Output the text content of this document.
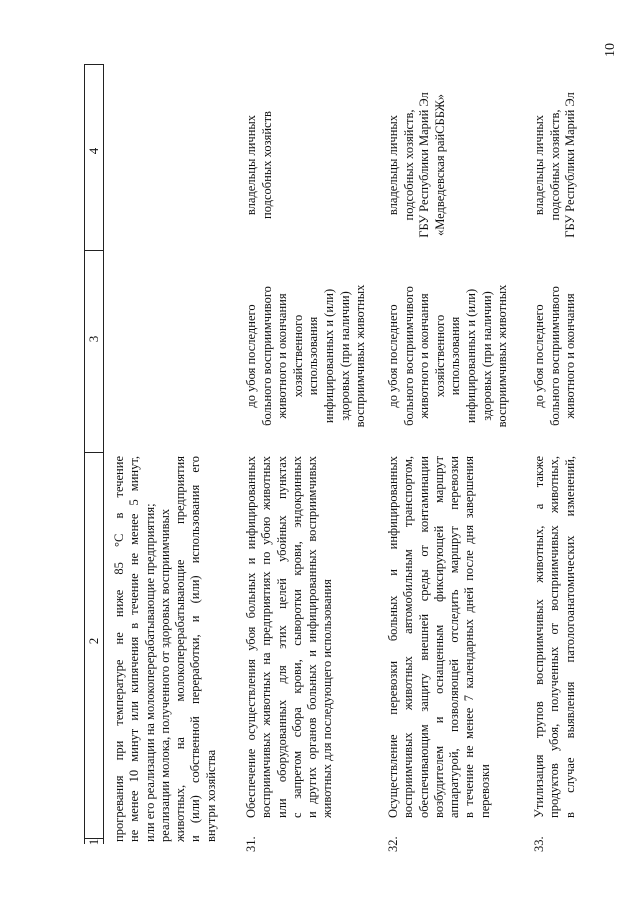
10
1
2
3
4
прогревания при температуре не ниже 85 °С в течение не менее 10 минут или кипячения в течение не менее 5 минут, или его реализации на молокоперерабатывающие предприятия; реализации молока, полученного от здоровых восприимчивых животных, на молокоперерабатывающие предприятия и (или) собственной переработки, и (или) использования его внутри хозяйства
31.
Обеспечение осуществления убоя больных и инфицированных восприимчивых животных на предприятиях по убою животных или оборудованных для этих целей убойных пунктах с запретом сбора крови, сыворотки крови, эндокринных и других органов больных и инфицированных восприимчивых животных для последующего использования
до убоя последнего больного восприимчивого животного и окончания хозяйственного использования инфицированных и (или) здоровых (при наличии) восприимчивых животных
владельцы личных подсобных хозяйств
32.
Осуществление перевозки больных и инфицированных восприимчивых животных автомобильным транспортом, обеспечивающим защиту внешней среды от контаминации возбудителем и оснащенным фиксирующей маршрут аппаратурой, позволяющей отследить маршрут перевозки в течение не менее 7 календарных дней после дня завершения перевозки
до убоя последнего больного восприимчивого животного и окончания хозяйственного использования инфицированных и (или) здоровых (при наличии) восприимчивых животных
владельцы личных подсобных хозяйств, ГБУ Республики Марий Эл «Медведевская райСББЖ»
33.
Утилизация трупов восприимчивых животных, а также продуктов убоя, полученных от восприимчивых животных, в случае выявления патологоанатомических изменений,
до убоя последнего больного восприимчивого животного и окончания
владельцы личных подсобных хозяйств, ГБУ Республики Марий Эл
